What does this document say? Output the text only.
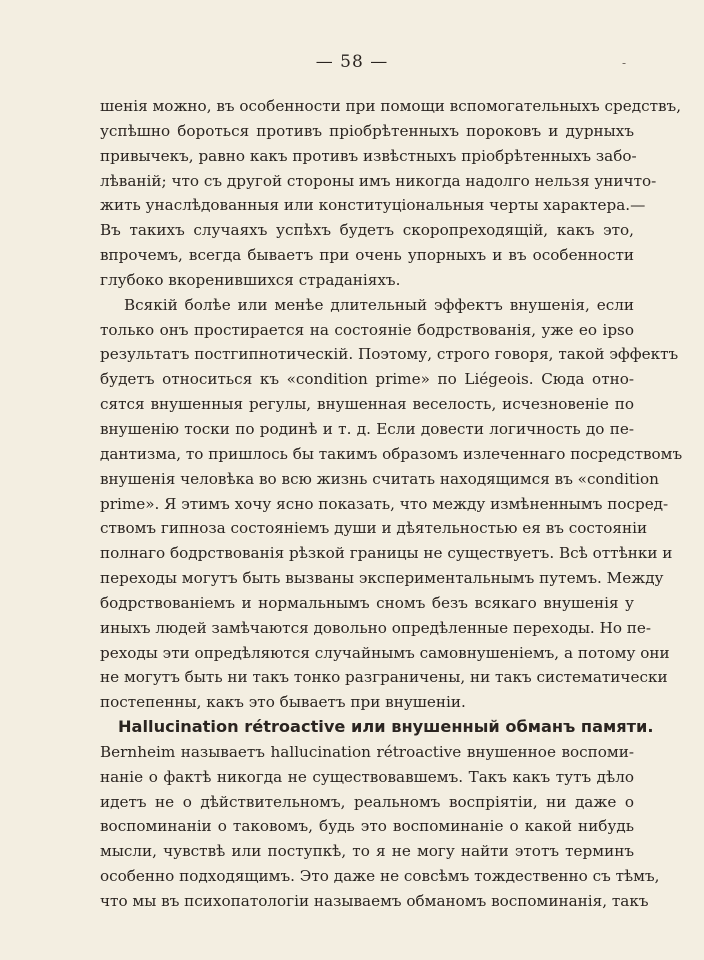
— 58 —	-
шенія можно, въ особенности при помощи вспомогательныхъ средствъ,
успѣшно бороться противъ пріобрѣтенныхъ пороковъ и дурныхъ
привычекъ, равно какъ противъ извѣстныхъ пріобрѣтенныхъ забо-
лѣваній; что съ другой стороны имъ никогда надолго нельзя уничто-
жить унаслѣдованныя или конституціональныя черты характера.—
Въ такихъ случаяхъ успѣхъ будетъ скоропреходящій, какъ это,
впрочемъ, всегда бываетъ при очень упорныхъ и въ особенности
глубоко вкоренившихся страданіяхъ.
Всякій болѣе или менѣе длительный эффектъ внушенія, если
только онъ простирается на состояніе бодрствованія, уже eo ipso
результатъ постгипнотическій. Поэтому, строго говоря, такой эффектъ
будетъ относиться къ «condition prime» по Liégeois. Сюда отно-
сятся внушенныя регулы, внушенная веселость, исчезновеніе по
внушенію тоски по родинѣ и т. д. Если довести логичность до пе-
дантизма, то пришлось бы такимъ образомъ излеченнаго посредствомъ
внушенія человѣка во всю жизнь считать находящимся въ «condition
prime». Я этимъ хочу ясно показать, что между измѣненнымъ посред-
ствомъ гипноза состояніемъ души и дѣятельностью ея въ состояніи
полнаго бодрствованія рѣзкой границы не существуетъ. Всѣ оттѣнки и
переходы могутъ быть вызваны экспериментальнымъ путемъ. Между
бодрствованіемъ и нормальнымъ сномъ безъ всякаго внушенія у
иныхъ людей замѣчаются довольно опредѣленные переходы. Но пе-
реходы эти опредѣляются случайнымъ самовнушеніемъ, а потому они
не могутъ быть ни такъ тонко разграничены, ни такъ систематически
постепенны, какъ это бываетъ при внушеніи.
Hallucination rétroactive или внушенный обманъ памяти.
Bernheim называетъ hallucination rétroactive внушенное воспоми-
наніе о фактѣ никогда не существовавшемъ. Такъ какъ тутъ дѣло
идетъ не о дѣйствительномъ, реальномъ воспріятіи, ни даже о
воспоминаніи о таковомъ, будь это воспоминаніе о какой нибудь
мысли, чувствѣ или поступкѣ, то я не могу найти этотъ терминъ
особенно подходящимъ. Это даже не совсѣмъ тождественно съ тѣмъ,
что мы въ психопатологіи называемъ обманомъ воспоминанія, такъ
